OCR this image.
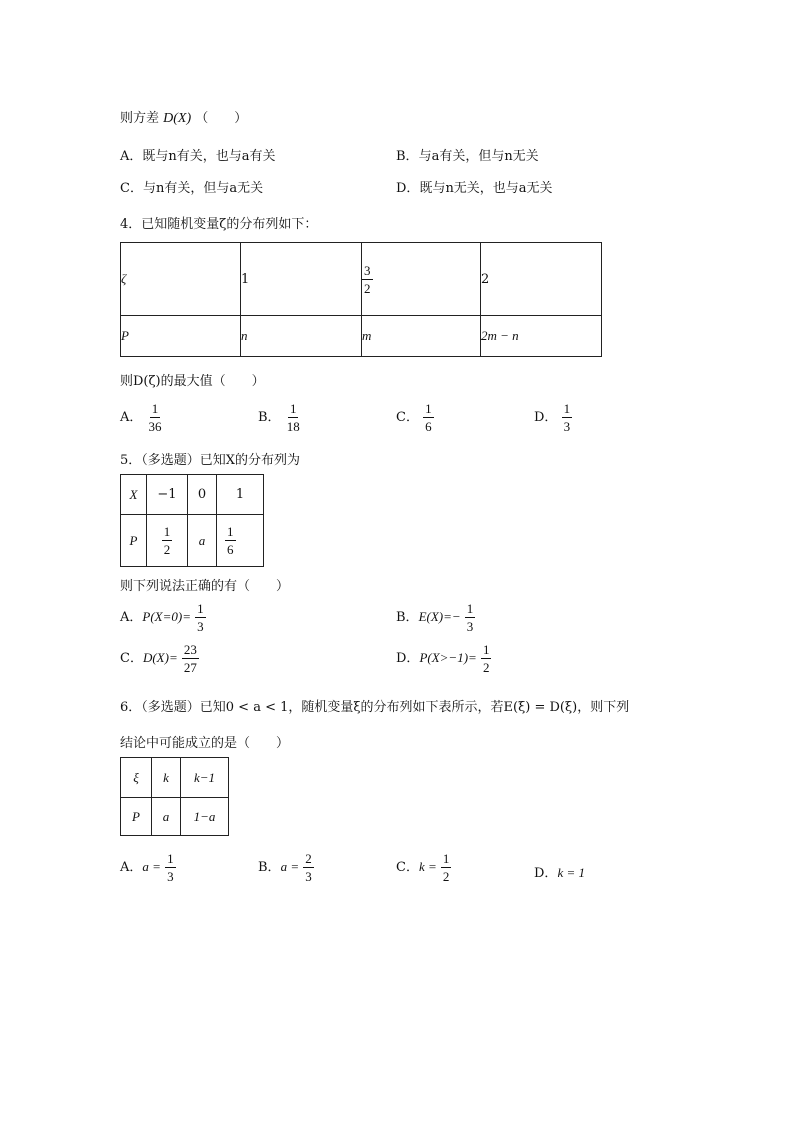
则方差 D(X) （　　）
A．既与n有关，也与a有关	B．与a有关，但与n无关
C．与n有关，但与a无关	D．既与n无关，也与a无关
4．已知随机变量ζ的分布列如下：
ζ	1	$\frac{3}{2}$	2
P	n	m	2m − n
则D(ζ)的最大值（　　）
A． $\frac{1}{36}$	B． $\frac{1}{18}$	C． $\frac{1}{6}$	D． $\frac{1}{3}$
5．（多选题）已知X的分布列为
X	−1	0	1
P	$\frac{1}{2}$	a	$\frac{1}{6}$
则下列说法正确的有（　　）
A．$P(X=0)= \frac{1}{3}$	B．$E(X)=- \frac{1}{3}$
C．$D(X)= \frac{23}{27}$	D．$P(X>-1)= \frac{1}{2}$
6．（多选题）已知0 < a < 1，随机变量ξ的分布列如下表所示，若E(ξ) = D(ξ)，则下列
结论中可能成立的是（　　）
ξ	k	k−1
P	a	1−a
A．$a = \frac{1}{3}$	B．$a = \frac{2}{3}$	C．$k = \frac{1}{2}$	D．k = 1
